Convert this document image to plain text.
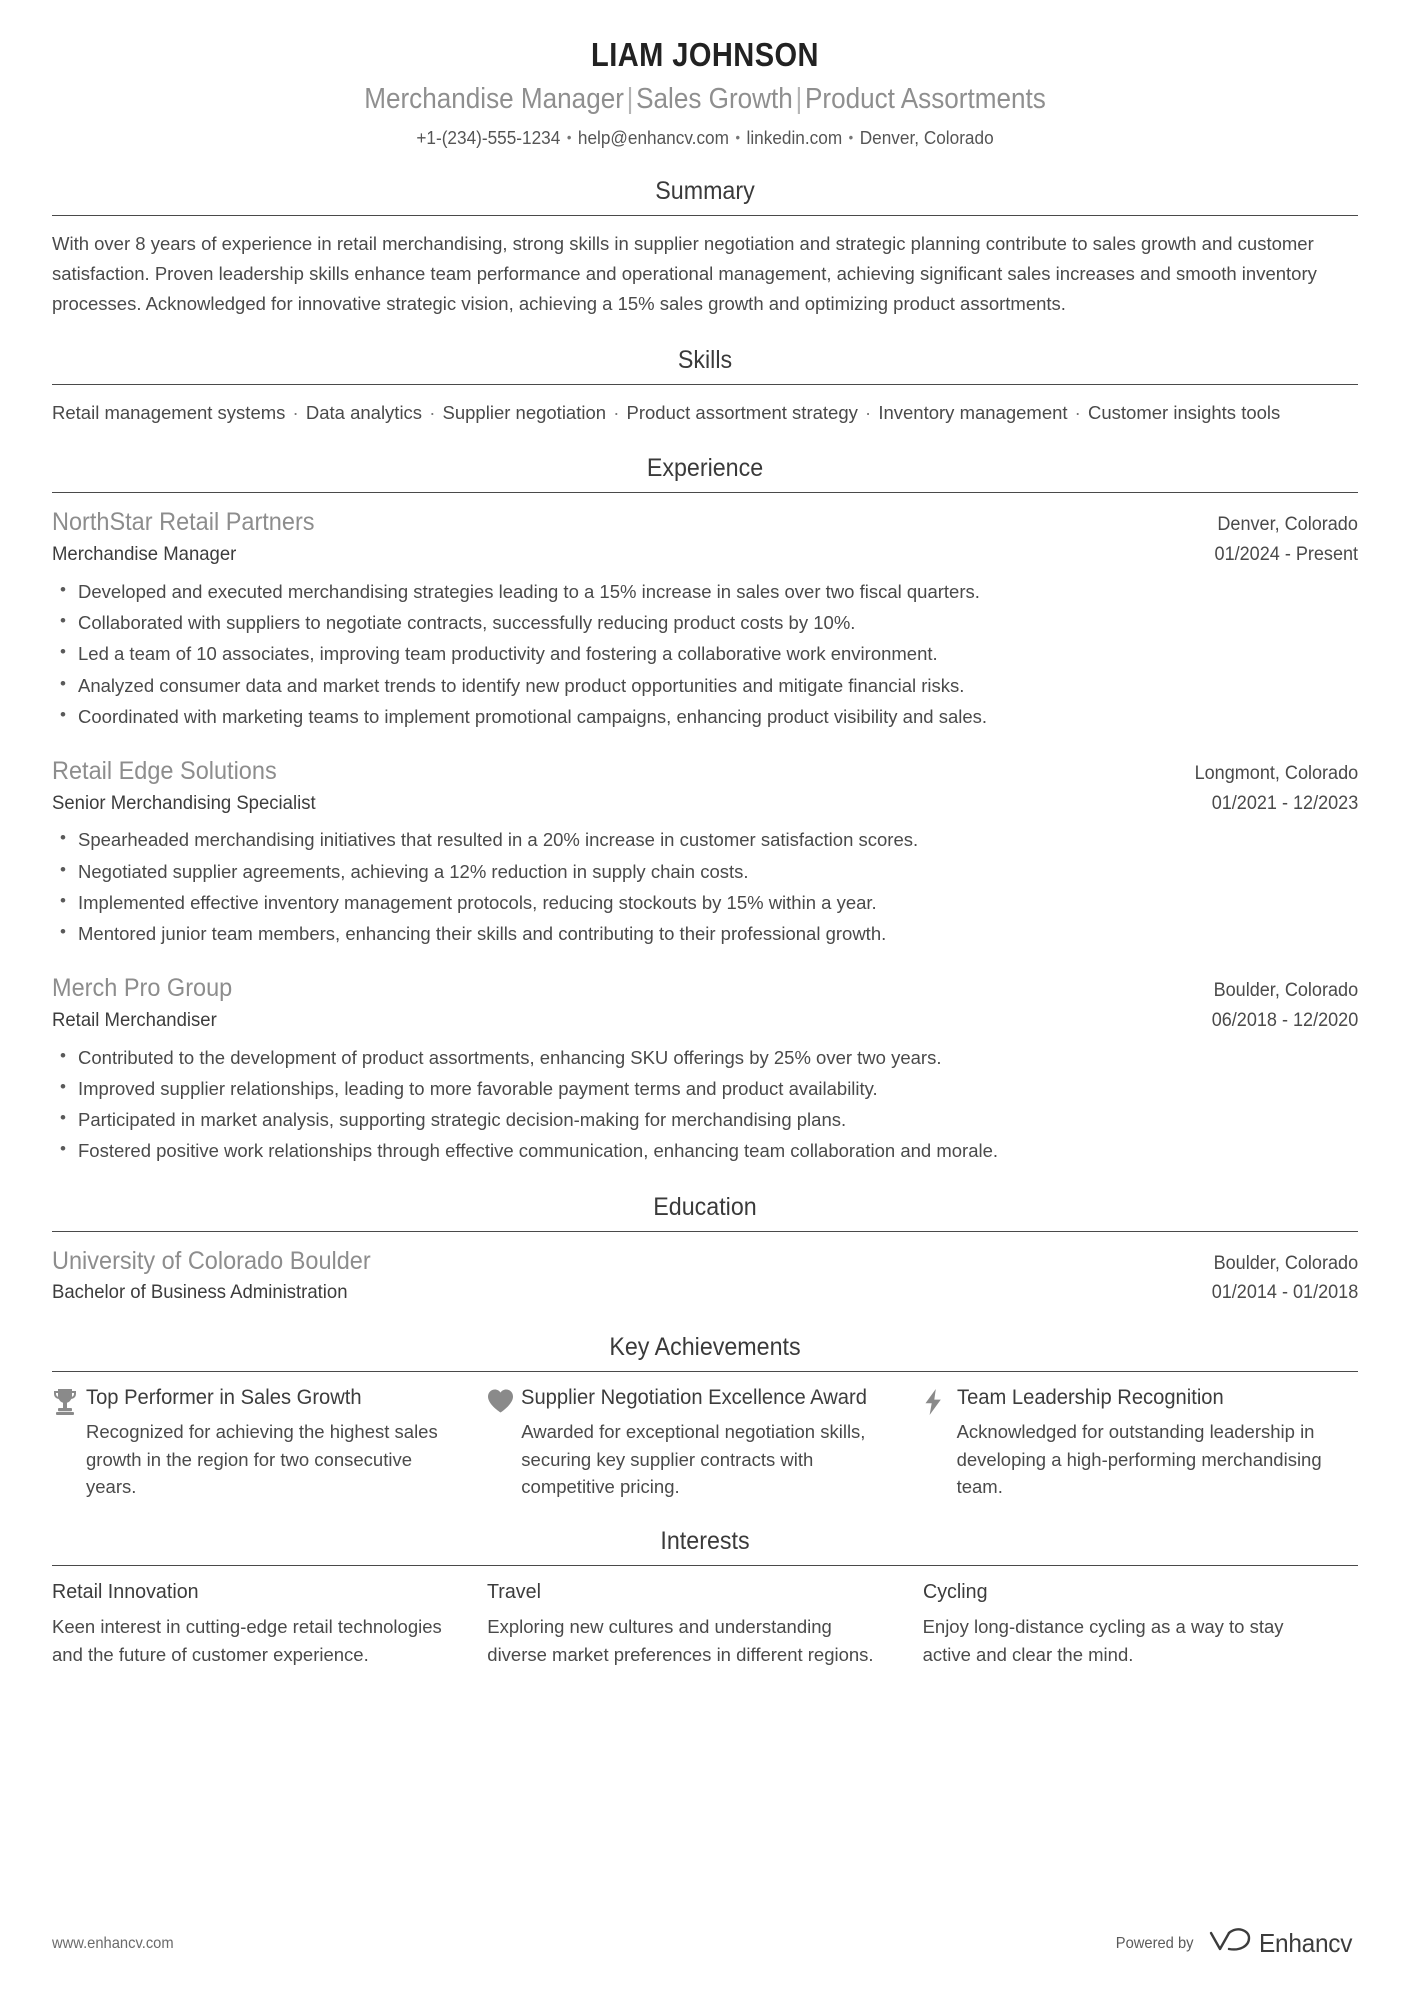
LIAM JOHNSON
Merchandise Manager|Sales Growth|Product Assortments
+1-(234)-555-1234 • help@enhancv.com • linkedin.com • Denver, Colorado
Summary
With over 8 years of experience in retail merchandising, strong skills in supplier negotiation and strategic planning contribute to sales growth and customer satisfaction. Proven leadership skills enhance team performance and operational management, achieving significant sales increases and smooth inventory processes. Acknowledged for innovative strategic vision, achieving a 15% sales growth and optimizing product assortments.
Skills
Retail management systems · Data analytics · Supplier negotiation · Product assortment strategy · Inventory management · Customer insights tools
Experience
NorthStar Retail Partners	Denver, Colorado
Merchandise Manager	01/2024 - Present
• Developed and executed merchandising strategies leading to a 15% increase in sales over two fiscal quarters.
• Collaborated with suppliers to negotiate contracts, successfully reducing product costs by 10%.
• Led a team of 10 associates, improving team productivity and fostering a collaborative work environment.
• Analyzed consumer data and market trends to identify new product opportunities and mitigate financial risks.
• Coordinated with marketing teams to implement promotional campaigns, enhancing product visibility and sales.
Retail Edge Solutions	Longmont, Colorado
Senior Merchandising Specialist	01/2021 - 12/2023
• Spearheaded merchandising initiatives that resulted in a 20% increase in customer satisfaction scores.
• Negotiated supplier agreements, achieving a 12% reduction in supply chain costs.
• Implemented effective inventory management protocols, reducing stockouts by 15% within a year.
• Mentored junior team members, enhancing their skills and contributing to their professional growth.
Merch Pro Group	Boulder, Colorado
Retail Merchandiser	06/2018 - 12/2020
• Contributed to the development of product assortments, enhancing SKU offerings by 25% over two years.
• Improved supplier relationships, leading to more favorable payment terms and product availability.
• Participated in market analysis, supporting strategic decision-making for merchandising plans.
• Fostered positive work relationships through effective communication, enhancing team collaboration and morale.
Education
University of Colorado Boulder	Boulder, Colorado
Bachelor of Business Administration	01/2014 - 01/2018
Key Achievements
Top Performer in Sales Growth
Recognized for achieving the highest sales growth in the region for two consecutive years.
Supplier Negotiation Excellence Award
Awarded for exceptional negotiation skills, securing key supplier contracts with competitive pricing.
Team Leadership Recognition
Acknowledged for outstanding leadership in developing a high-performing merchandising team.
Interests
Retail Innovation
Keen interest in cutting-edge retail technologies and the future of customer experience.
Travel
Exploring new cultures and understanding diverse market preferences in different regions.
Cycling
Enjoy long-distance cycling as a way to stay active and clear the mind.
www.enhancv.com	Powered by	Enhancv
